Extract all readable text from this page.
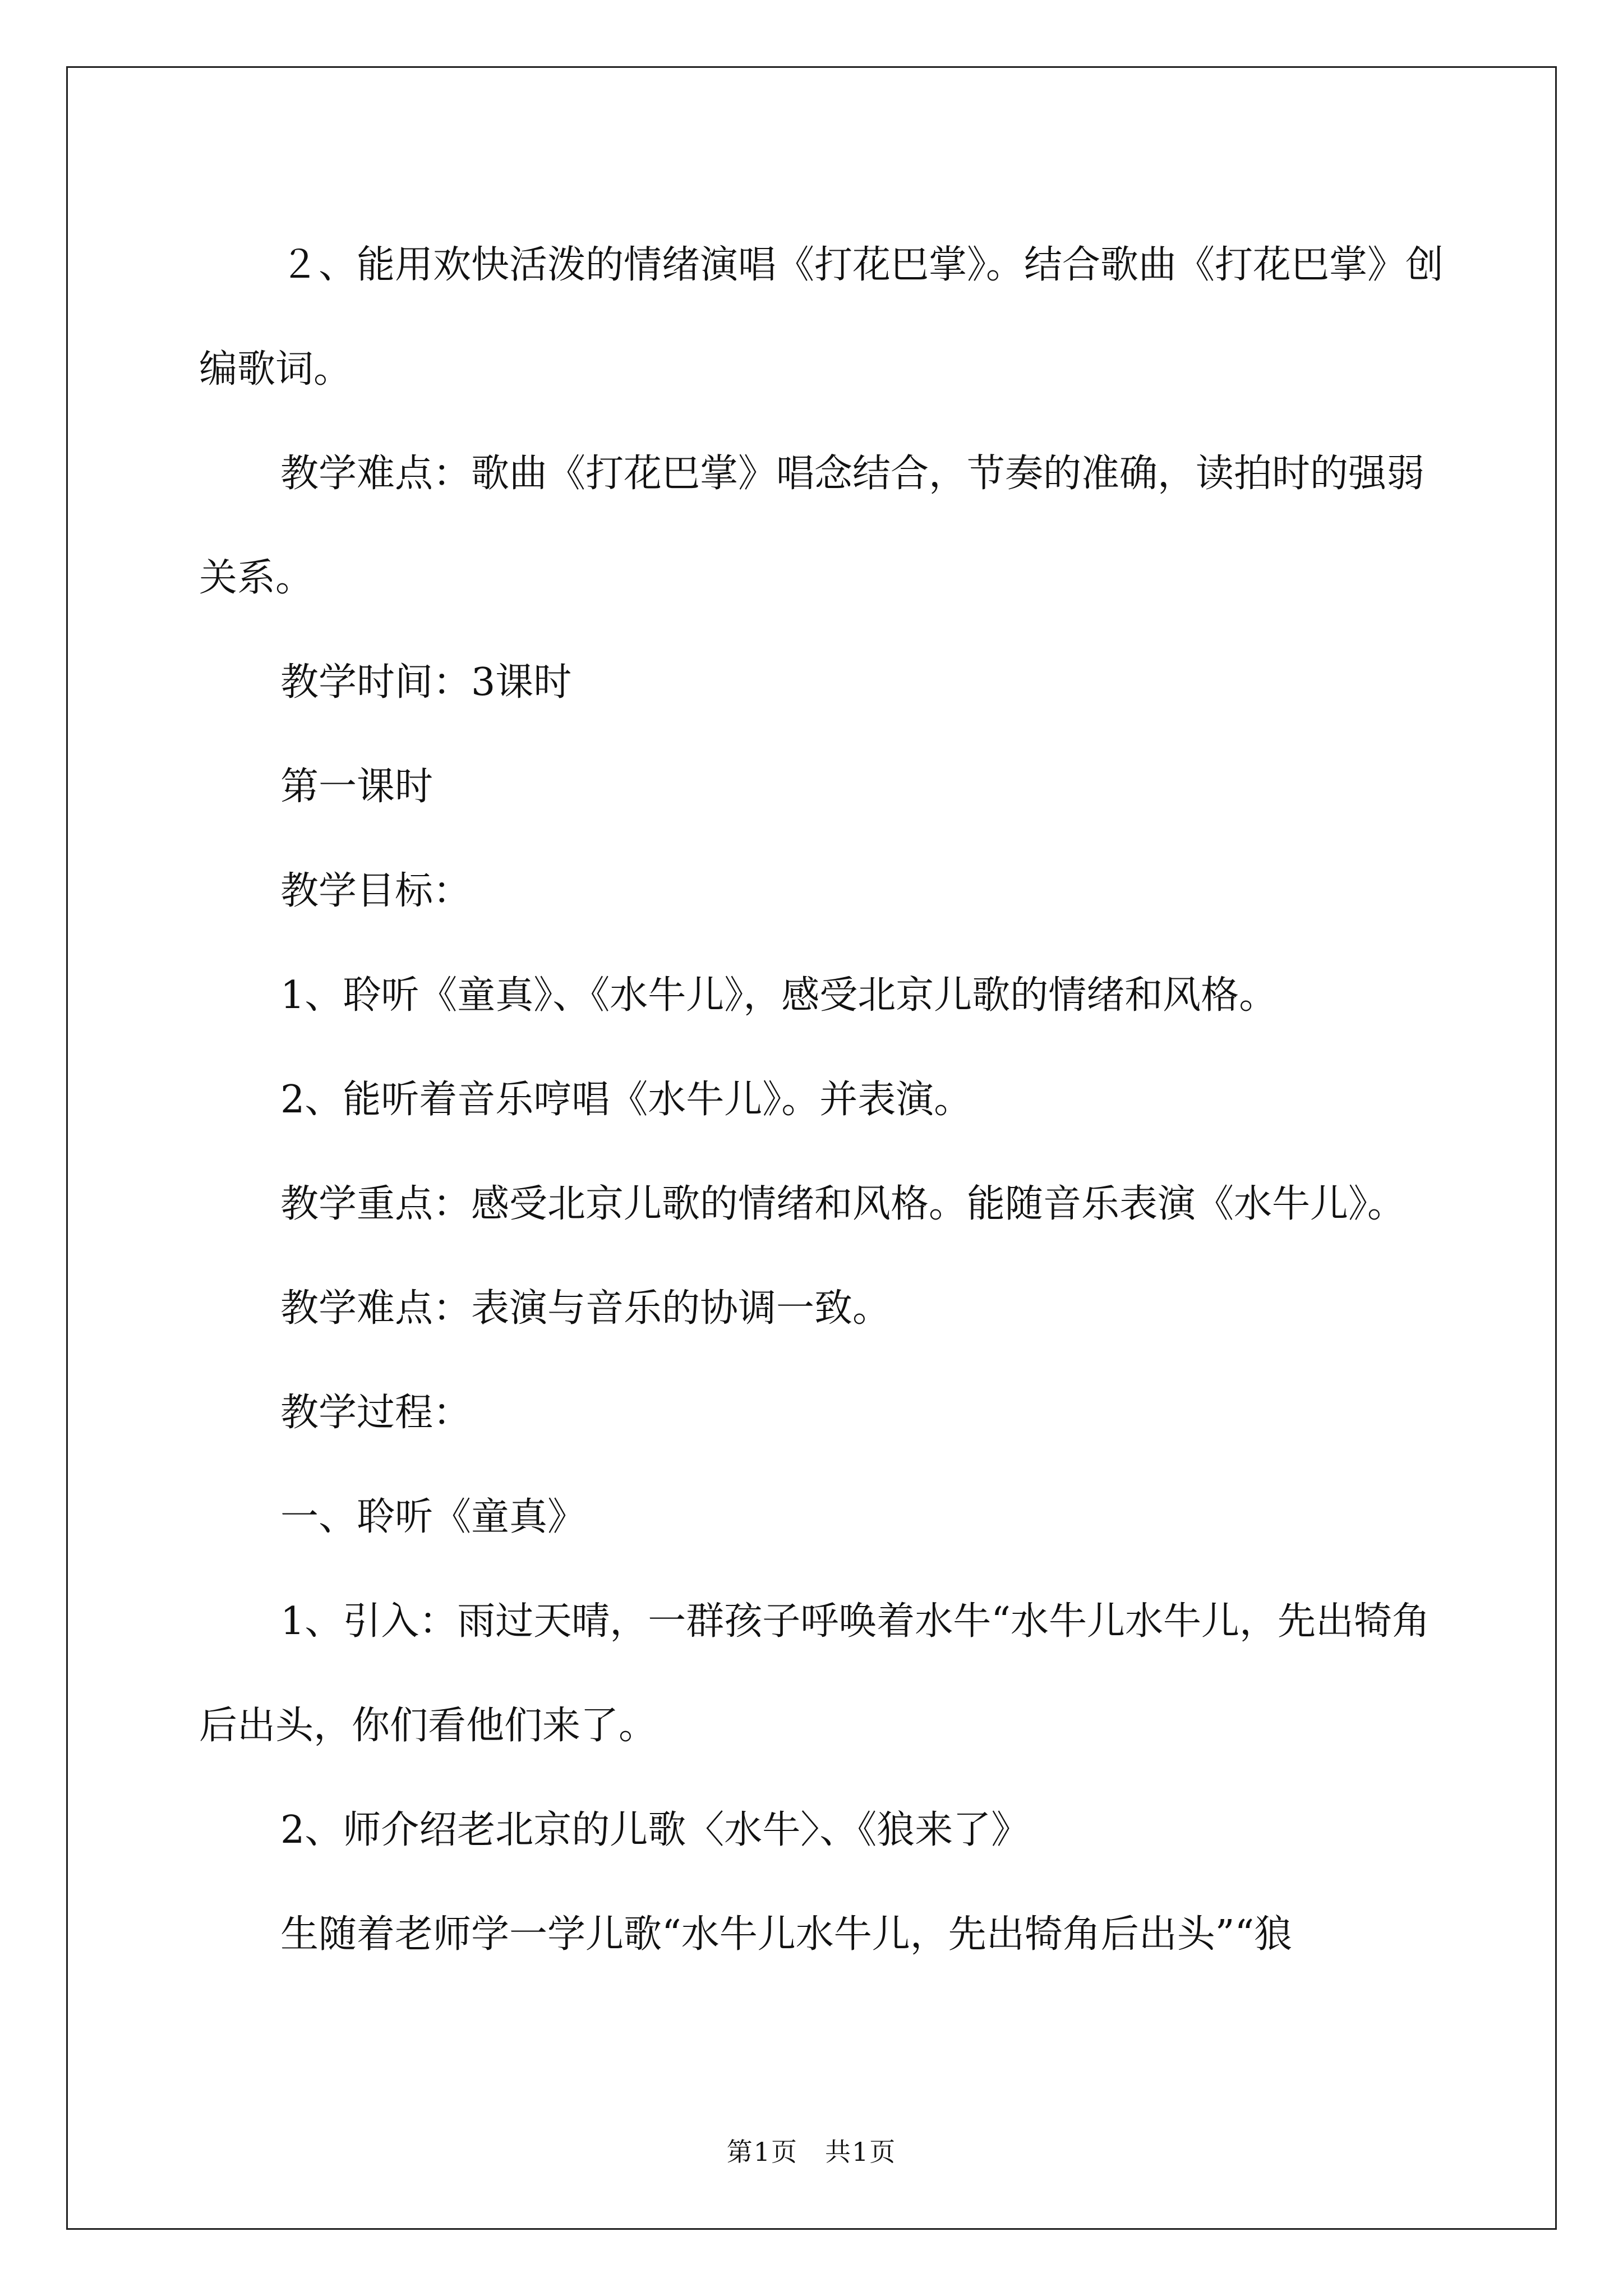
２、能用欢快活泼的情绪演唱《打花巴掌》。结合歌曲《打花巴掌》创编歌词。

教学难点：歌曲《打花巴掌》唱念结合，节奏的准确，读拍时的强弱关系。

教学时间：3课时

第一课时

教学目标：

1、聆听《童真》、《水牛儿》，感受北京儿歌的情绪和风格。

2、能听着音乐哼唱《水牛儿》。并表演。

教学重点：感受北京儿歌的情绪和风格。能随音乐表演《水牛儿》。

教学难点：表演与音乐的协调一致。

教学过程：

一、聆听《童真》

1、引入：雨过天晴，一群孩子呼唤着水牛“水牛儿水牛儿，先出犄角后出头，你们看他们来了。

2、师介绍老北京的儿歌〈水牛〉、《狼来了》

生随着老师学一学儿歌“水牛儿水牛儿，先出犄角后出头”“狼

第1页　共1页
